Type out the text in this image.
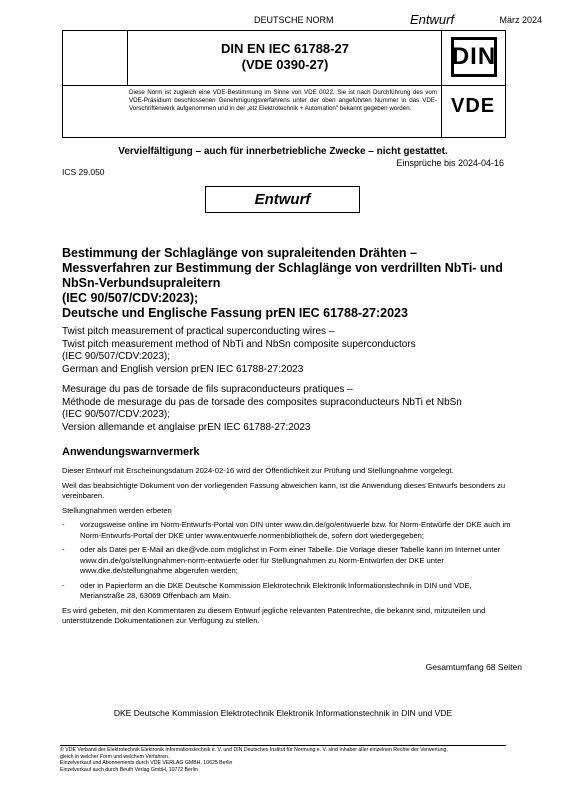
DEUTSCHE NORM	Entwurf	März 2024
DIN EN IEC 61788-27
(VDE 0390-27)	DIN
Diese Norm ist zugleich eine VDE-Bestimmung im Sinne von VDE 0022. Sie ist nach Durchführung des vom VDE-Präsidium beschlossenen Genehmigungsverfahrens unter der oben angeführten Nummer in das VDE-Vorschriftenwerk aufgenommen und in der „etz Elektrotechnik + Automation" bekannt gegeben worden.	VDE
Vervielfältigung – auch für innerbetriebliche Zwecke – nicht gestattet.
Einsprüche bis 2024-04-16
ICS 29.050
Entwurf
Bestimmung der Schlaglänge von supraleitenden Drähten –
Messverfahren zur Bestimmung der Schlaglänge von verdrillten NbTi- und
NbSn-Verbundsupraleitern
(IEC 90/507/CDV:2023);
Deutsche und Englische Fassung prEN IEC 61788-27:2023
Twist pitch measurement of practical superconducting wires –
Twist pitch measurement method of NbTi and NbSn composite superconductors
(IEC 90/507/CDV:2023);
German and English version prEN IEC 61788-27:2023
Mesurage du pas de torsade de fils supraconducteurs pratiques –
Méthode de mesurage du pas de torsade des composites supraconducteurs NbTi et NbSn
(IEC 90/507/CDV:2023);
Version allemande et anglaise prEN IEC 61788-27:2023
Anwendungswarnvermerk

Dieser Entwurf mit Erscheinungsdatum 2024-02-16 wird der Öffentlichkeit zur Prüfung und Stellungnahme vorgelegt.

Weil das beabsichtigte Dokument von der vorliegenden Fassung abweichen kann, ist die Anwendung dieses Entwurfs besonders zu vereinbaren.

Stellungnahmen werden erbeten

-	vorzugsweise online im Norm-Entwurfs-Portal von DIN unter www.din.de/go/entwuerfe bzw. für Norm-Entwürfe der DKE auch im Norm-Entwurfs-Portal der DKE unter www.entwuerfe.normenbibliothek.de, sofern dort wiedergegeben;
-	oder als Datei per E-Mail an dke@vde.com möglichst in Form einer Tabelle. Die Vorlage dieser Tabelle kann im Internet unter www.din.de/go/stellungnahmen-norm-entwuerfe oder für Stellungnahmen zu Norm-Entwürfen der DKE unter www.dke.de/stellungnahme abgerufen werden;
-	oder in Papierform an die DKE Deutsche Kommission Elektrotechnik Elektronik Informationstechnik in DIN und VDE, Merianstraße 28, 63069 Offenbach am Main.

Es wird gebeten, mit den Kommentaren zu diesem Entwurf jegliche relevanten Patentrechte, die bekannt sind, mitzuteilen und unterstützende Dokumentationen zur Verfügung zu stellen.

Gesamtumfang 68 Seiten
DKE Deutsche Kommission Elektrotechnik Elektronik Informationstechnik in DIN und VDE
© VDE Verband der Elektrotechnik Elektronik Informationstechnik e. V. und DIN Deutsches Institut für Normung e. V. sind Inhaber aller einzelnen Rechte der Verwertung,
gleich in welcher Form und welchem Verfahren.
Einzelverkauf und Abonnements durch VDE VERLAG GMBH, 10625 Berlin
Einzelverkauf auch durch Beuth Verlag GmbH, 10772 Berlin
